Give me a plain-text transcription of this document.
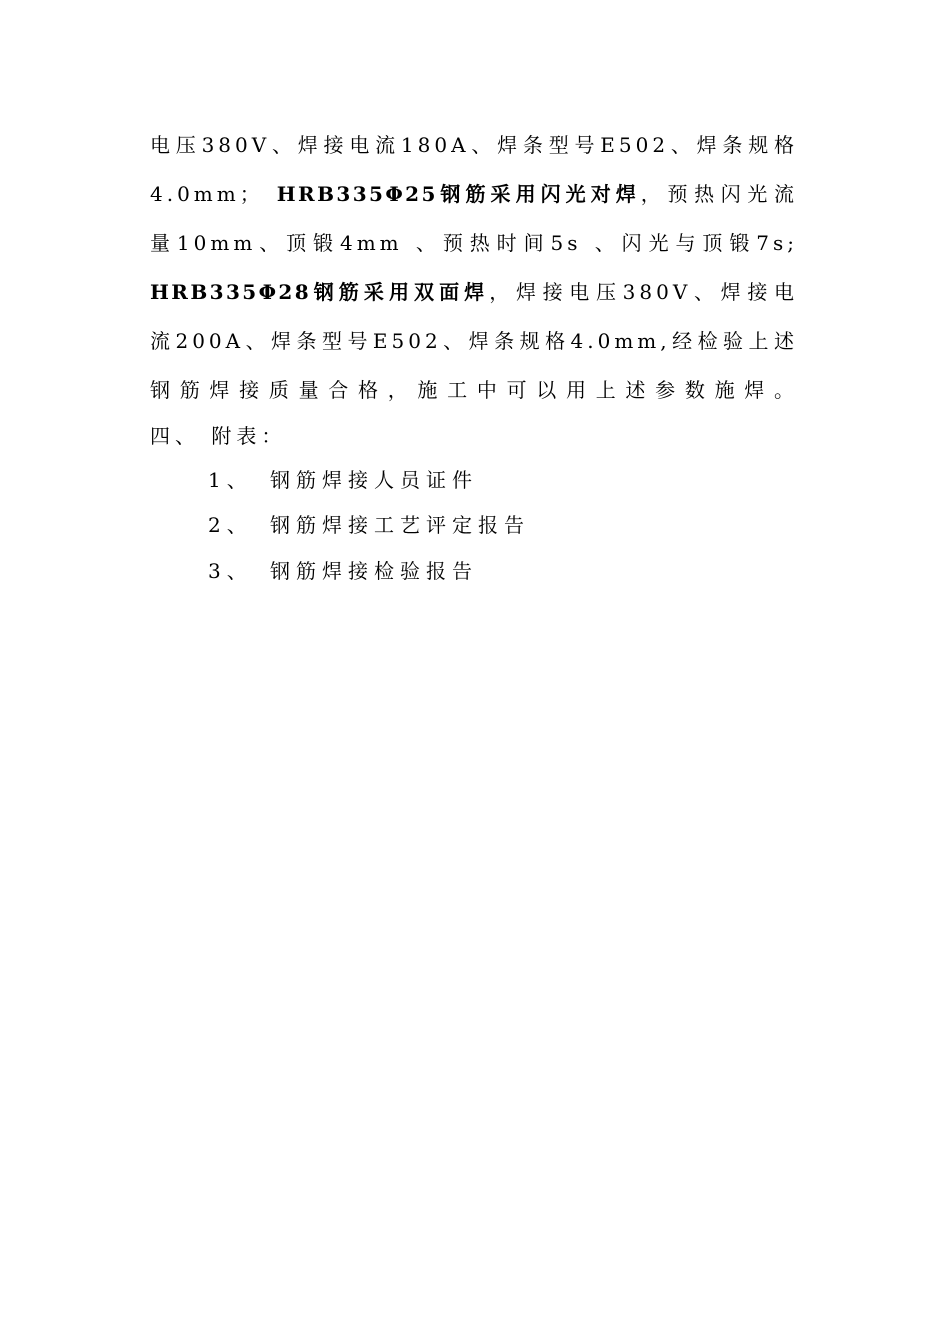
电压380V、焊接电流180A、焊条型号E502、焊条规格
4.0mm； HRB335Φ25钢筋采用闪光对焊，预热闪光流
量10mm、顶锻4mm 、预热时间5s 、闪光与顶锻7s;
HRB335Φ28钢筋采用双面焊，焊接电压380V、焊接电
流200A、焊条型号E502、焊条规格4.0mm,经检验上述
钢筋焊接质量合格，施工中可以用上述参数施焊。
四、 附表：
1、 钢筋焊接人员证件
2、 钢筋焊接工艺评定报告
3、 钢筋焊接检验报告
